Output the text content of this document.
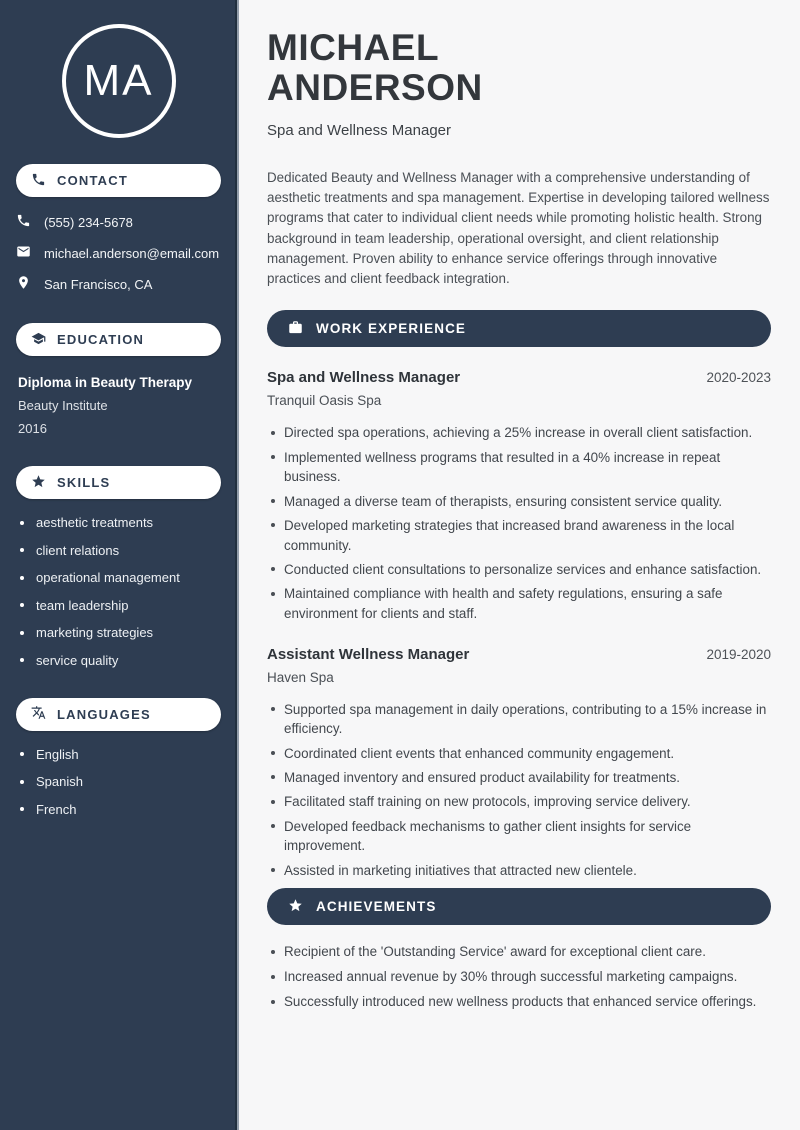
MA
CONTACT
(555) 234-5678
michael.anderson@email.com
San Francisco, CA
EDUCATION
Diploma in Beauty Therapy
Beauty Institute
2016
SKILLS
aesthetic treatments
client relations
operational management
team leadership
marketing strategies
service quality
LANGUAGES
English
Spanish
French
MICHAEL
ANDERSON
Spa and Wellness Manager

Dedicated Beauty and Wellness Manager with a comprehensive understanding of aesthetic treatments and spa management. Expertise in developing tailored wellness programs that cater to individual client needs while promoting holistic health. Strong background in team leadership, operational oversight, and client relationship management. Proven ability to enhance service offerings through innovative practices and client feedback integration.

WORK EXPERIENCE
Spa and Wellness Manager	2020-2023
Tranquil Oasis Spa
Directed spa operations, achieving a 25% increase in overall client satisfaction.
Implemented wellness programs that resulted in a 40% increase in repeat business.
Managed a diverse team of therapists, ensuring consistent service quality.
Developed marketing strategies that increased brand awareness in the local community.
Conducted client consultations to personalize services and enhance satisfaction.
Maintained compliance with health and safety regulations, ensuring a safe environment for clients and staff.
Assistant Wellness Manager	2019-2020
Haven Spa
Supported spa management in daily operations, contributing to a 15% increase in efficiency.
Coordinated client events that enhanced community engagement.
Managed inventory and ensured product availability for treatments.
Facilitated staff training on new protocols, improving service delivery.
Developed feedback mechanisms to gather client insights for service improvement.
Assisted in marketing initiatives that attracted new clientele.
ACHIEVEMENTS
Recipient of the 'Outstanding Service' award for exceptional client care.
Increased annual revenue by 30% through successful marketing campaigns.
Successfully introduced new wellness products that enhanced service offerings.
